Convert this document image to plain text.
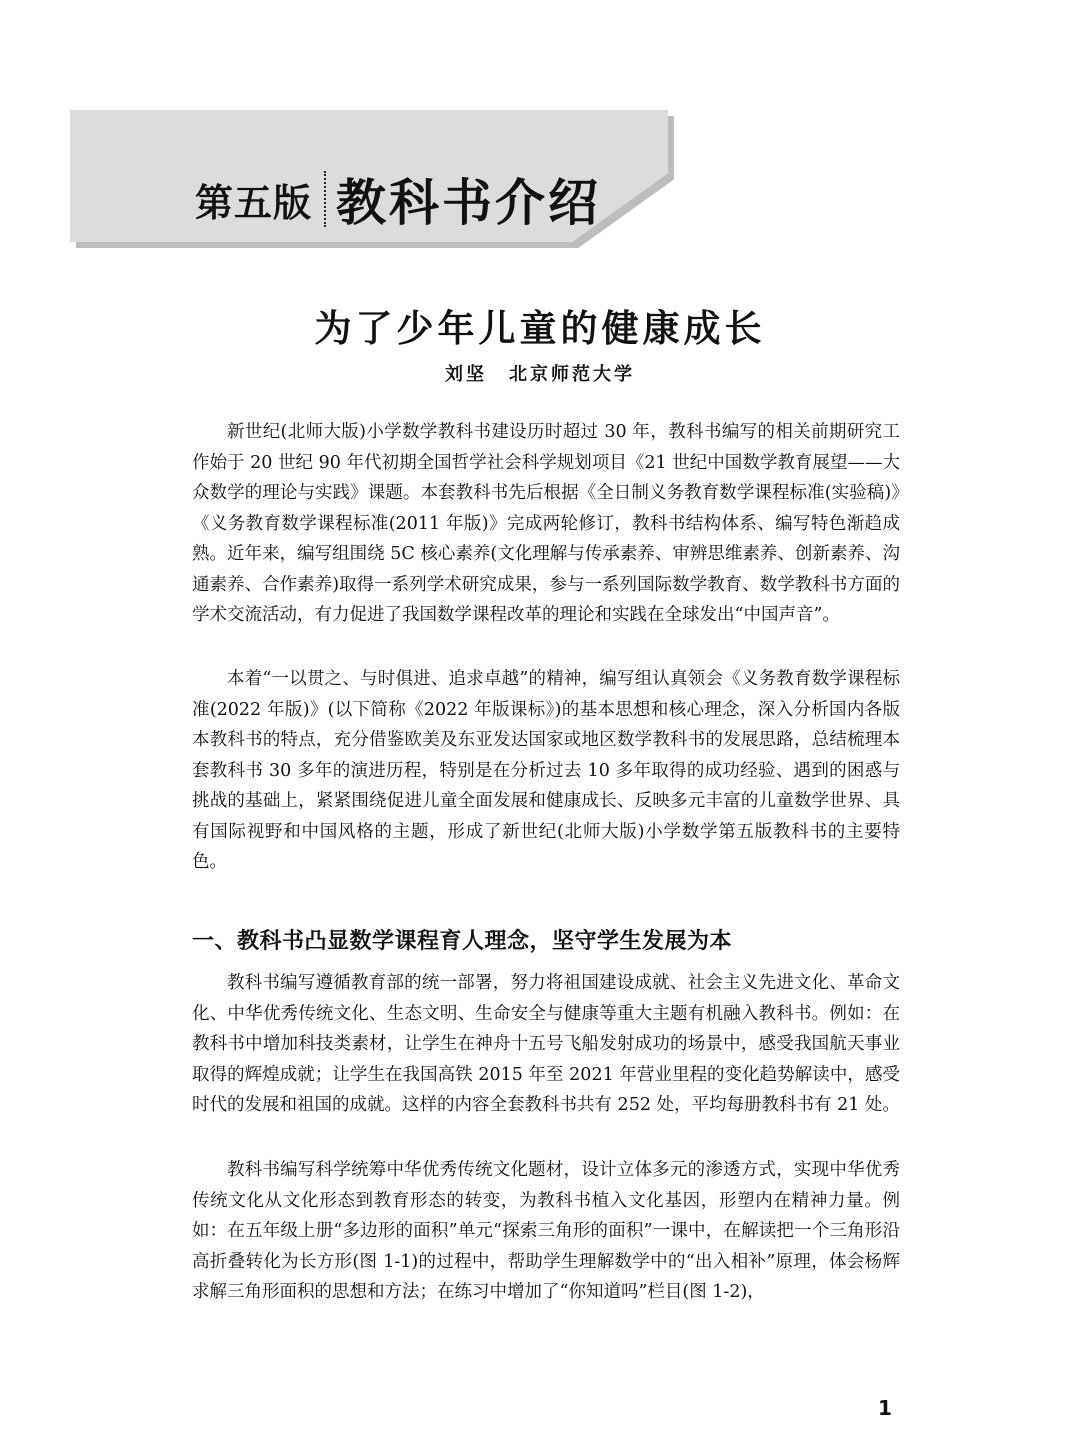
第五版 教科书介绍
为了少年儿童的健康成长
刘坚 北京师范大学

新世纪(北师大版)小学数学教科书建设历时超过 30 年，教科书编写的相关前期研究工作始于 20 世纪 90 年代初期全国哲学社会科学规划项目《21 世纪中国数学教育展望——大众数学的理论与实践》课题。本套教科书先后根据《全日制义务教育数学课程标准(实验稿)》《义务教育数学课程标准(2011 年版)》完成两轮修订，教科书结构体系、编写特色渐趋成熟。近年来，编写组围绕 5C 核心素养(文化理解与传承素养、审辨思维素养、创新素养、沟通素养、合作素养)取得一系列学术研究成果，参与一系列国际数学教育、数学教科书方面的学术交流活动，有力促进了我国数学课程改革的理论和实践在全球发出“中国声音”。

本着“一以贯之、与时俱进、追求卓越”的精神，编写组认真领会《义务教育数学课程标准(2022 年版)》(以下简称《2022 年版课标》)的基本思想和核心理念，深入分析国内各版本教科书的特点，充分借鉴欧美及东亚发达国家或地区数学教科书的发展思路，总结梳理本套教科书 30 多年的演进历程，特别是在分析过去 10 多年取得的成功经验、遇到的困惑与挑战的基础上，紧紧围绕促进儿童全面发展和健康成长、反映多元丰富的儿童数学世界、具有国际视野和中国风格的主题，形成了新世纪(北师大版)小学数学第五版教科书的主要特色。

一、教科书凸显数学课程育人理念，坚守学生发展为本

教科书编写遵循教育部的统一部署，努力将祖国建设成就、社会主义先进文化、革命文化、中华优秀传统文化、生态文明、生命安全与健康等重大主题有机融入教科书。例如：在教科书中增加科技类素材，让学生在神舟十五号飞船发射成功的场景中，感受我国航天事业取得的辉煌成就；让学生在我国高铁 2015 年至 2021 年营业里程的变化趋势解读中，感受时代的发展和祖国的成就。这样的内容全套教科书共有 252 处，平均每册教科书有 21 处。

教科书编写科学统筹中华优秀传统文化题材，设计立体多元的渗透方式，实现中华优秀传统文化从文化形态到教育形态的转变，为教科书植入文化基因，形塑内在精神力量。例如：在五年级上册“多边形的面积”单元“探索三角形的面积”一课中，在解读把一个三角形沿高折叠转化为长方形(图 1-1)的过程中，帮助学生理解数学中的“出入相补”原理，体会杨辉求解三角形面积的思想和方法；在练习中增加了“你知道吗”栏目(图 1-2)，

1
